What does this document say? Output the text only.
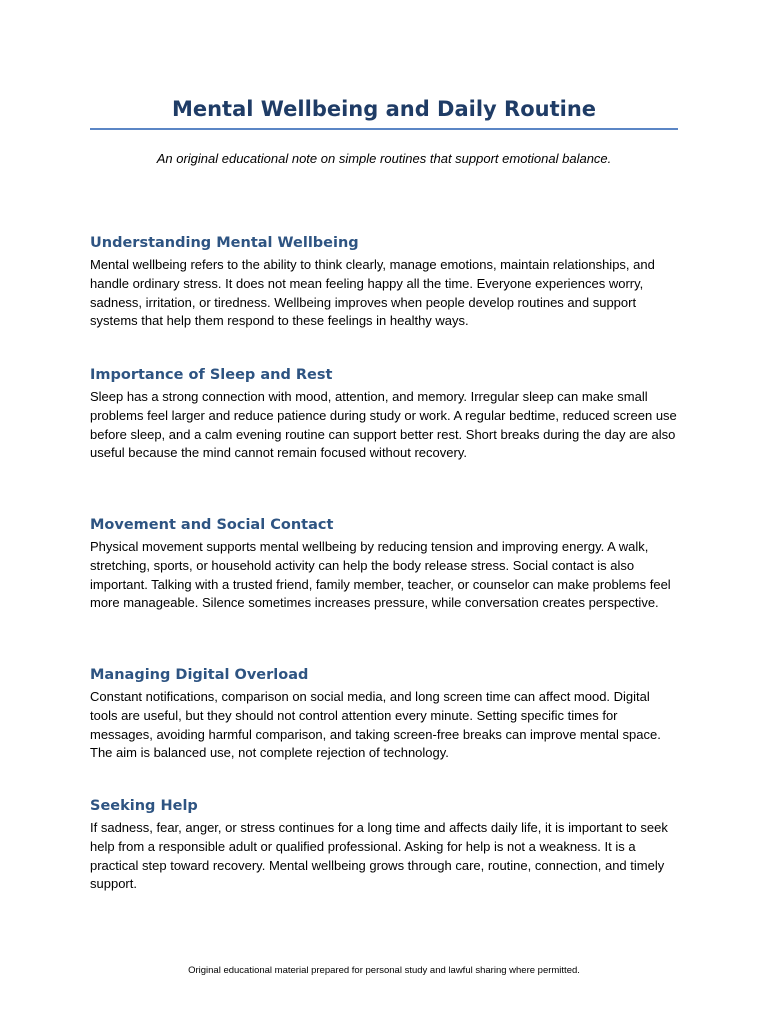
Mental Wellbeing and Daily Routine

An original educational note on simple routines that support emotional balance.

Understanding Mental Wellbeing

Mental wellbeing refers to the ability to think clearly, manage emotions, maintain relationships, and handle ordinary stress. It does not mean feeling happy all the time. Everyone experiences worry, sadness, irritation, or tiredness. Wellbeing improves when people develop routines and support systems that help them respond to these feelings in healthy ways.

Importance of Sleep and Rest

Sleep has a strong connection with mood, attention, and memory. Irregular sleep can make small problems feel larger and reduce patience during study or work. A regular bedtime, reduced screen use before sleep, and a calm evening routine can support better rest. Short breaks during the day are also useful because the mind cannot remain focused without recovery.

Movement and Social Contact

Physical movement supports mental wellbeing by reducing tension and improving energy. A walk, stretching, sports, or household activity can help the body release stress. Social contact is also important. Talking with a trusted friend, family member, teacher, or counselor can make problems feel more manageable. Silence sometimes increases pressure, while conversation creates perspective.

Managing Digital Overload

Constant notifications, comparison on social media, and long screen time can affect mood. Digital tools are useful, but they should not control attention every minute. Setting specific times for messages, avoiding harmful comparison, and taking screen-free breaks can improve mental space. The aim is balanced use, not complete rejection of technology.

Seeking Help

If sadness, fear, anger, or stress continues for a long time and affects daily life, it is important to seek help from a responsible adult or qualified professional. Asking for help is not a weakness. It is a practical step toward recovery. Mental wellbeing grows through care, routine, connection, and timely support.

Original educational material prepared for personal study and lawful sharing where permitted.
